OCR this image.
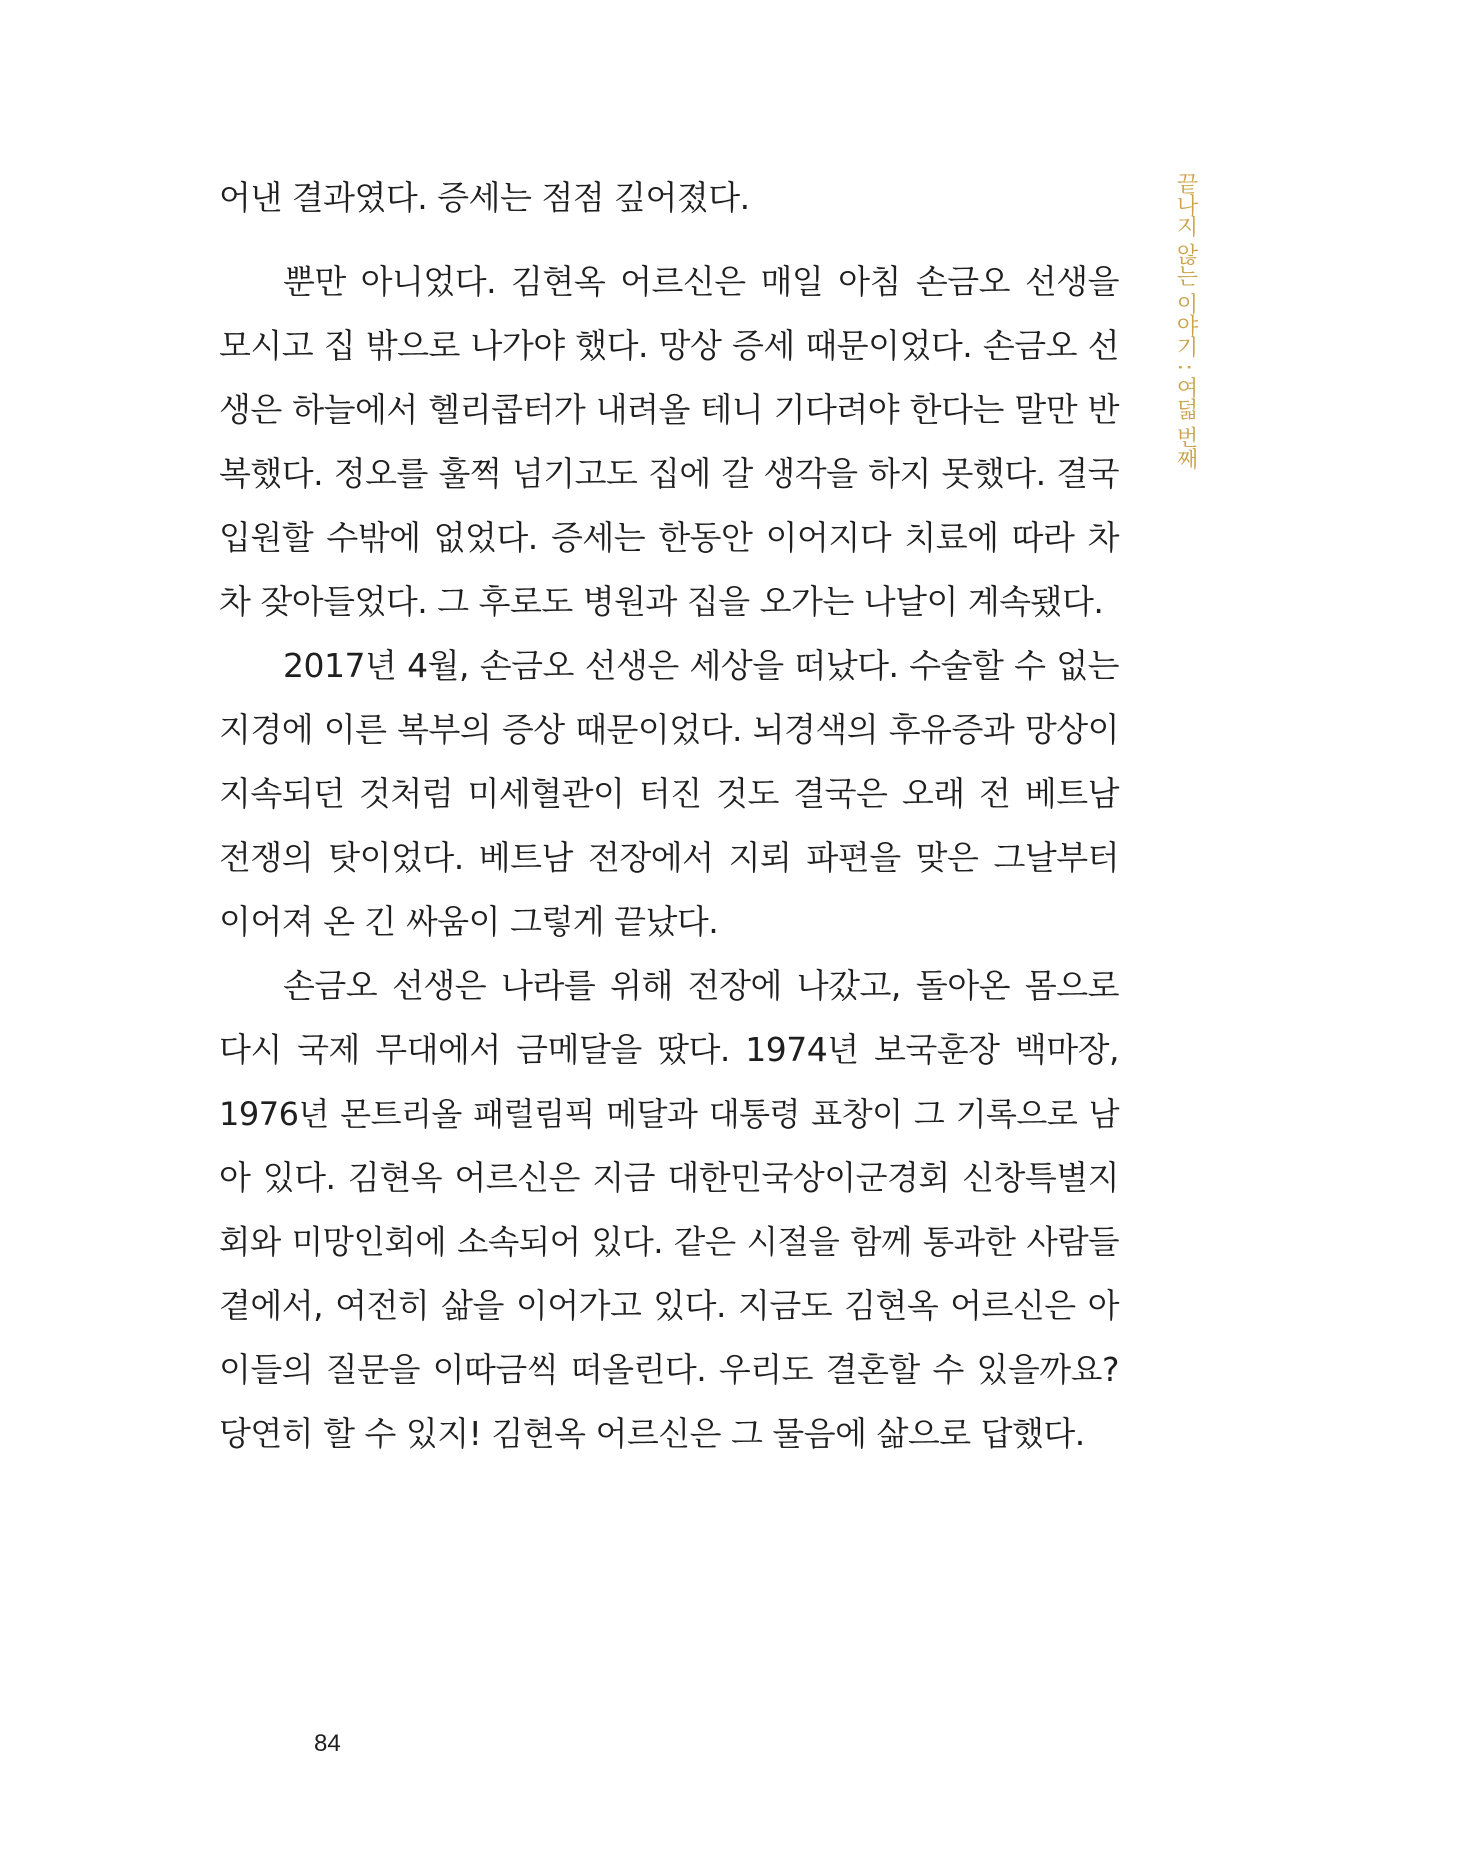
끝나지 않는 이야기 : 여덟 번째
어낸 결과였다. 증세는 점점 깊어졌다.
뿐만 아니었다. 김현옥 어르신은 매일 아침 손금오 선생을
모시고 집 밖으로 나가야 했다. 망상 증세 때문이었다. 손금오 선
생은 하늘에서 헬리콥터가 내려올 테니 기다려야 한다는 말만 반
복했다. 정오를 훌쩍 넘기고도 집에 갈 생각을 하지 못했다. 결국
입원할 수밖에 없었다. 증세는 한동안 이어지다 치료에 따라 차
차 잦아들었다. 그 후로도 병원과 집을 오가는 나날이 계속됐다.
2017년 4월, 손금오 선생은 세상을 떠났다. 수술할 수 없는
지경에 이른 복부의 증상 때문이었다. 뇌경색의 후유증과 망상이
지속되던 것처럼 미세혈관이 터진 것도 결국은 오래 전 베트남
전쟁의 탓이었다. 베트남 전장에서 지뢰 파편을 맞은 그날부터
이어져 온 긴 싸움이 그렇게 끝났다.
손금오 선생은 나라를 위해 전장에 나갔고, 돌아온 몸으로
다시 국제 무대에서 금메달을 땄다. 1974년 보국훈장 백마장,
1976년 몬트리올 패럴림픽 메달과 대통령 표창이 그 기록으로 남
아 있다. 김현옥 어르신은 지금 대한민국상이군경회 신창특별지
회와 미망인회에 소속되어 있다. 같은 시절을 함께 통과한 사람들
곁에서, 여전히 삶을 이어가고 있다. 지금도 김현옥 어르신은 아
이들의 질문을 이따금씩 떠올린다. 우리도 결혼할 수 있을까요?
당연히 할 수 있지! 김현옥 어르신은 그 물음에 삶으로 답했다.
84
